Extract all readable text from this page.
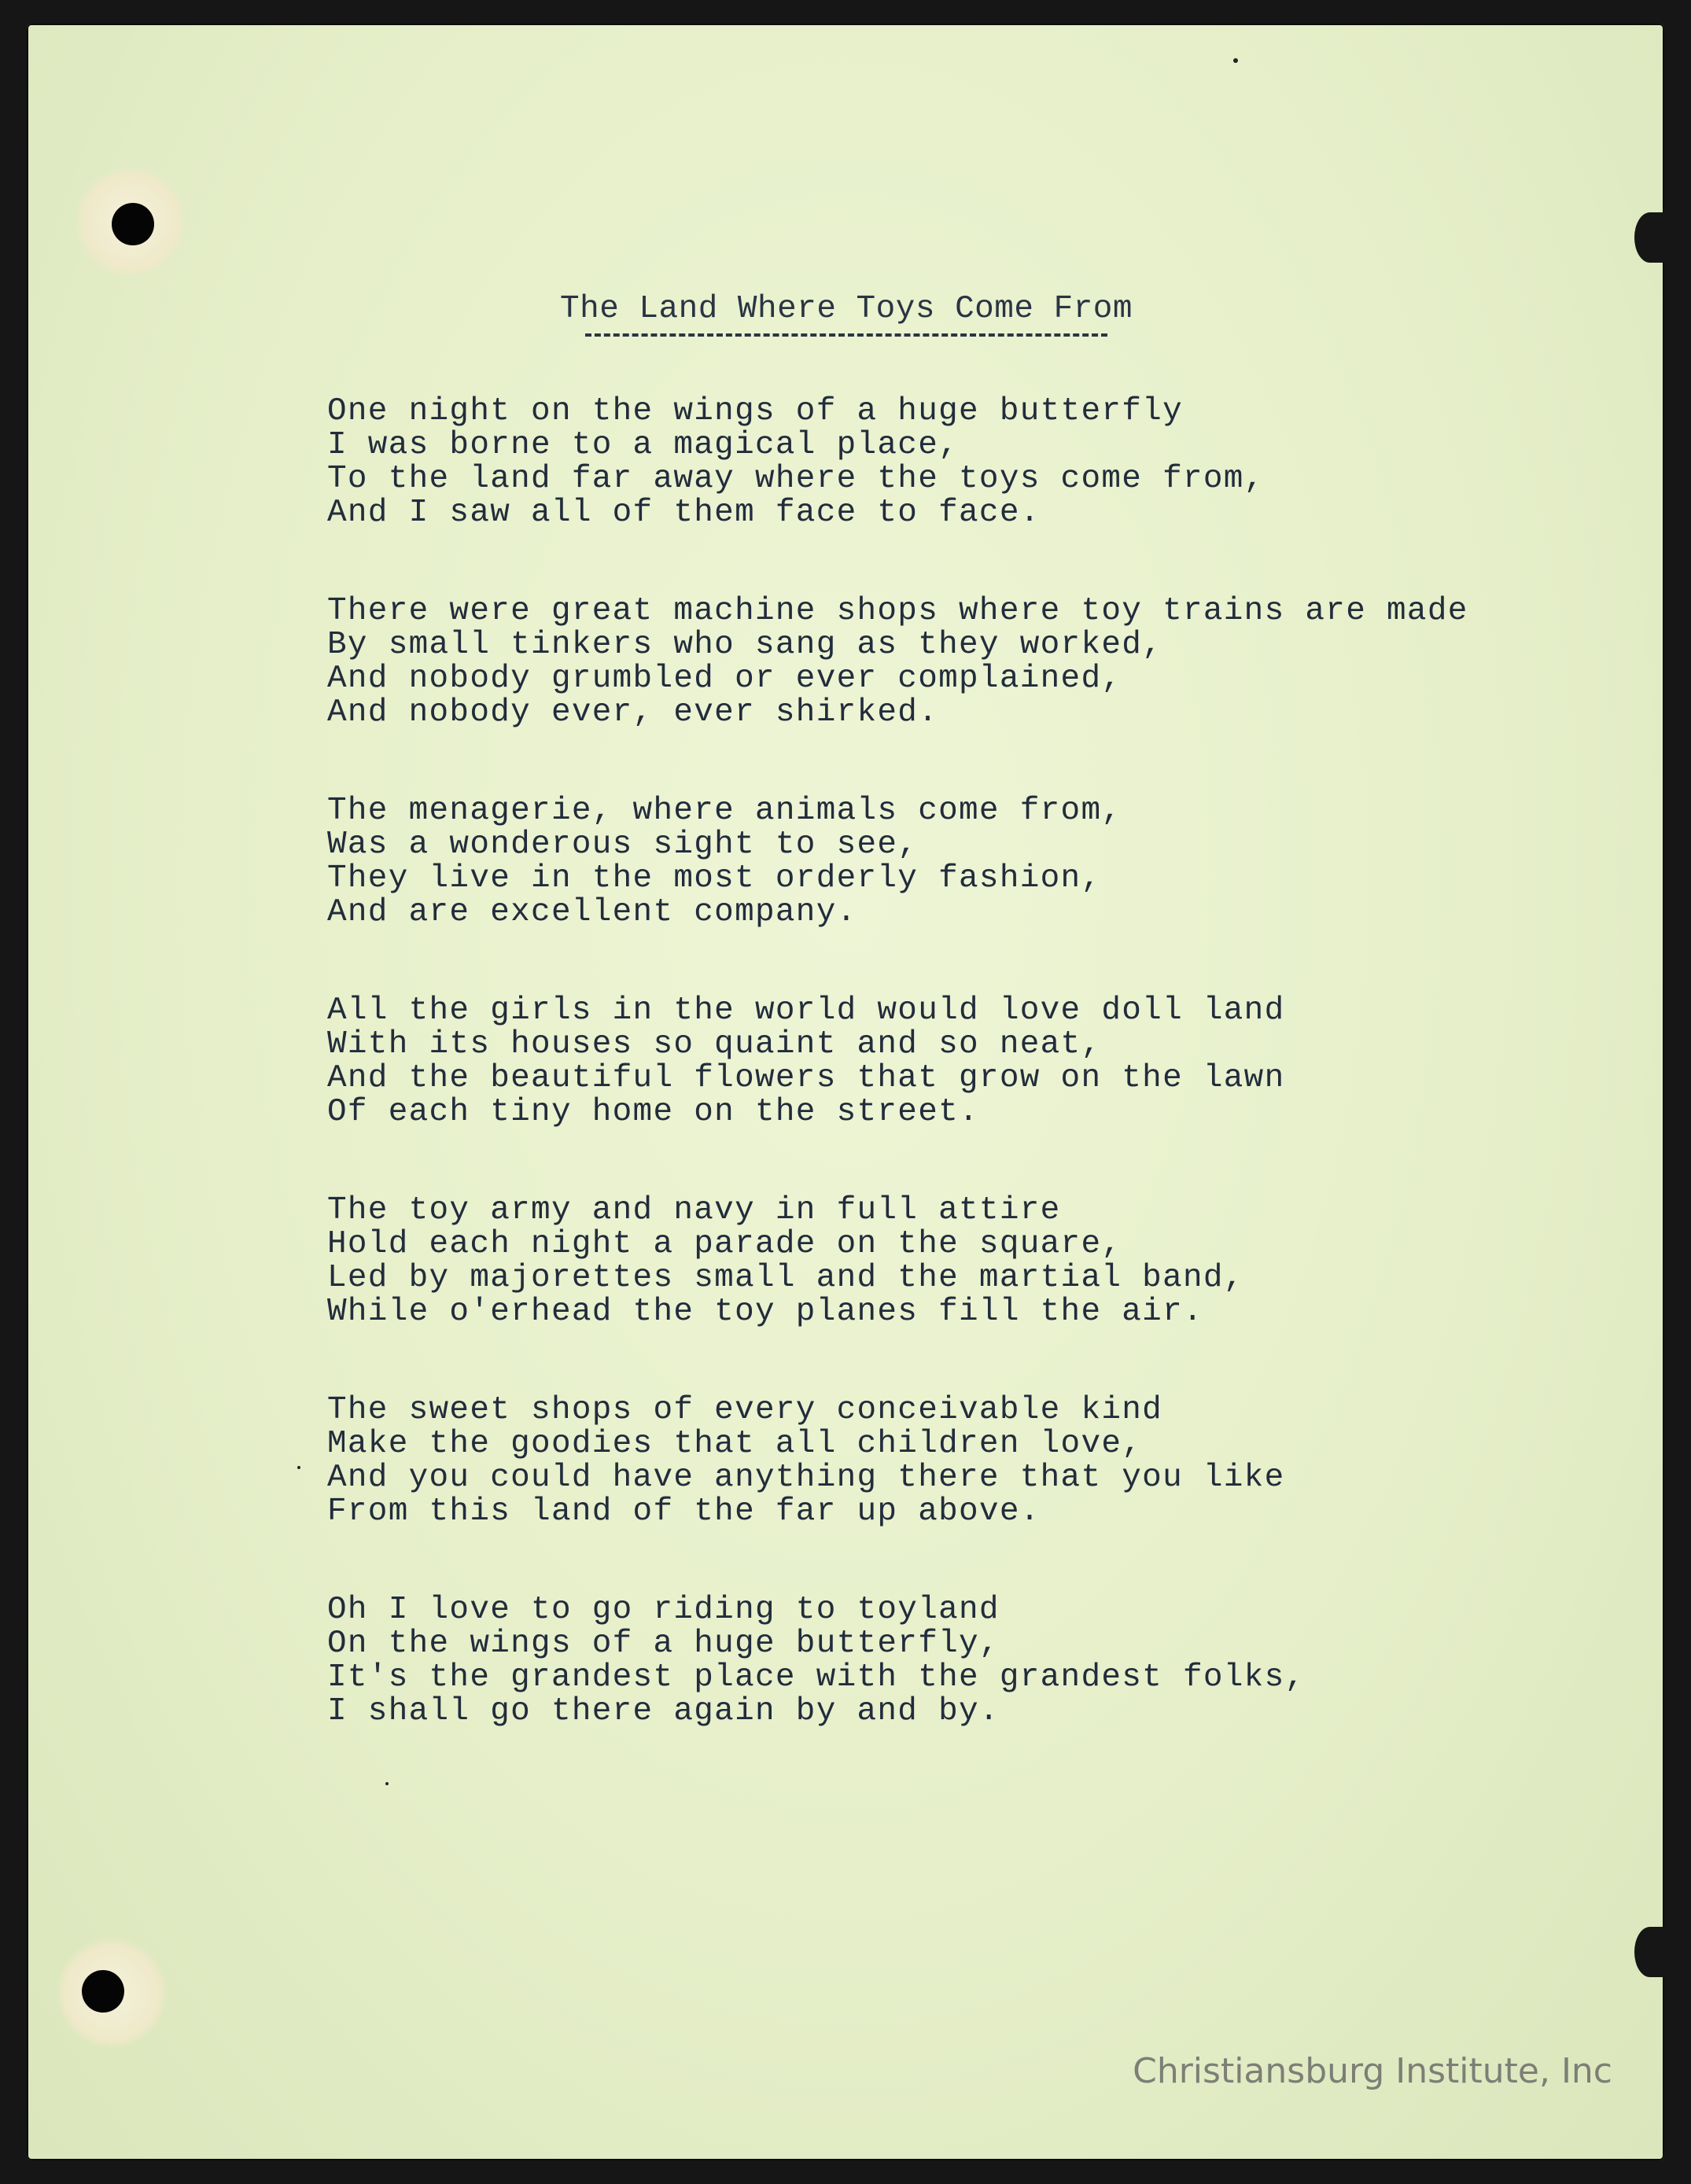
The Land Where Toys Come From
One night on the wings of a huge butterfly
I was borne to a magical place,
To the land far away where the toys come from,
And I saw all of them face to face.
There were great machine shops where toy trains are made
By small tinkers who sang as they worked,
And nobody grumbled or ever complained,
And nobody ever, ever shirked.
The menagerie, where animals come from,
Was a wonderous sight to see,
They live in the most orderly fashion,
And are excellent company.
All the girls in the world would love doll land
With its houses so quaint and so neat,
And the beautiful flowers that grow on the lawn
Of each tiny home on the street.
The toy army and navy in full attire
Hold each night a parade on the square,
Led by majorettes small and the martial band,
While o'erhead the toy planes fill the air.
The sweet shops of every conceivable kind
Make the goodies that all children love,
And you could have anything there that you like
From this land of the far up above.
Oh I love to go riding to toyland
On the wings of a huge butterfly,
It's the grandest place with the grandest folks,
I shall go there again by and by.
Christiansburg Institute, Inc
